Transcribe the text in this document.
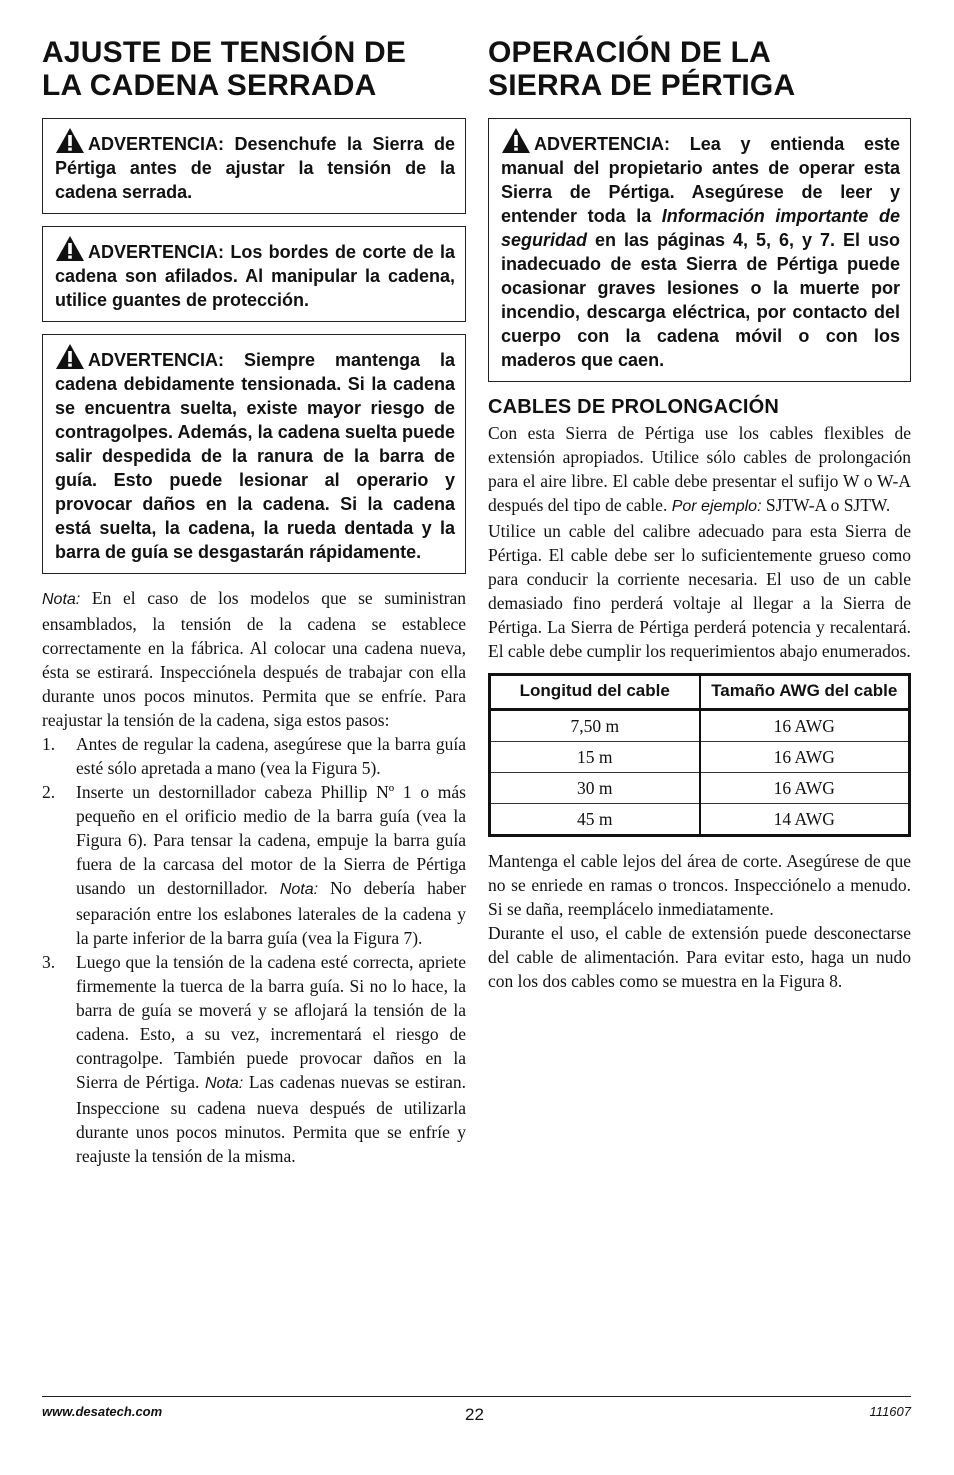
AJUSTE DE TENSIÓN DE
LA CADENA SERRADA
ADVERTENCIA: Desenchufe la Sierra de Pértiga antes de ajustar la tensión de la cadena serrada.
ADVERTENCIA: Los bordes de corte de la cadena son afilados. Al manipular la cadena, utilice guantes de protección.
ADVERTENCIA: Siempre mantenga la cadena debidamente tensionada. Si la cadena se encuentra suelta, existe mayor riesgo de contragolpes. Además, la cadena suelta puede salir despedida de la ranura de la barra de guía. Esto puede lesionar al operario y provocar daños en la cadena. Si la cadena está suelta, la cadena, la rueda dentada y la barra de guía se desgastarán rápidamente.

Nota: En el caso de los modelos que se suministran ensamblados, la tensión de la cadena se establece correctamente en la fábrica. Al colocar una cadena nueva, ésta se estirará. Inspecciónela después de trabajar con ella durante unos pocos minutos. Permita que se enfríe. Para reajustar la tensión de la cadena, siga estos pasos:

1. Antes de regular la cadena, asegúrese que la barra guía esté sólo apretada a mano (vea la Figura 5).
2. Inserte un destornillador cabeza Phillip Nº 1 o más pequeño en el orificio medio de la barra guía (vea la Figura 6). Para tensar la cadena, empuje la barra guía fuera de la carcasa del motor de la Sierra de Pértiga usando un destornillador. Nota: No debería haber separación entre los eslabones laterales de la cadena y la parte inferior de la barra guía (vea la Figura 7).
3. Luego que la tensión de la cadena esté correcta, apriete firmemente la tuerca de la barra guía. Si no lo hace, la barra de guía se moverá y se aflojará la tensión de la cadena. Esto, a su vez, incrementará el riesgo de contragolpe. También puede provocar daños en la Sierra de Pértiga. Nota: Las cadenas nuevas se estiran. Inspeccione su cadena nueva después de utilizarla durante unos pocos minutos. Permita que se enfríe y reajuste la tensión de la misma.
OPERACIÓN DE LA
SIERRA DE PÉRTIGA
ADVERTENCIA: Lea y entienda este manual del propietario antes de operar esta Sierra de Pértiga. Asegúrese de leer y entender toda la Información importante de seguridad en las páginas 4, 5, 6, y 7. El uso inadecuado de esta Sierra de Pértiga puede ocasionar graves lesiones o la muerte por incendio, descarga eléctrica, por contacto del cuerpo con la cadena móvil o con los maderos que caen.
CABLES DE PROLONGACIÓN

Con esta Sierra de Pértiga use los cables flexibles de extensión apropiados. Utilice sólo cables de prolongación para el aire libre. El cable debe presentar el sufijo W o W-A después del tipo de cable. Por ejemplo: SJTW-A o SJTW.

Utilice un cable del calibre adecuado para esta Sierra de Pértiga. El cable debe ser lo suficientemente grueso como para conducir la corriente necesaria. El uso de un cable demasiado fino perderá voltaje al llegar a la Sierra de Pértiga. La Sierra de Pértiga perderá potencia y recalentará. El cable debe cumplir los requerimientos abajo enumerados.

Longitud del cable	Tamaño AWG del cable
7,50 m	16 AWG
15 m	16 AWG
30 m	16 AWG
45 m	14 AWG

Mantenga el cable lejos del área de corte. Asegúrese de que no se enriede en ramas o troncos. Inspecciónelo a menudo. Si se daña, reemplácelo inmediatamente.

Durante el uso, el cable de extensión puede desconectarse del cable de alimentación. Para evitar esto, haga un nudo con los dos cables como se muestra en la Figura 8.

www.desatech.com	22	111607
